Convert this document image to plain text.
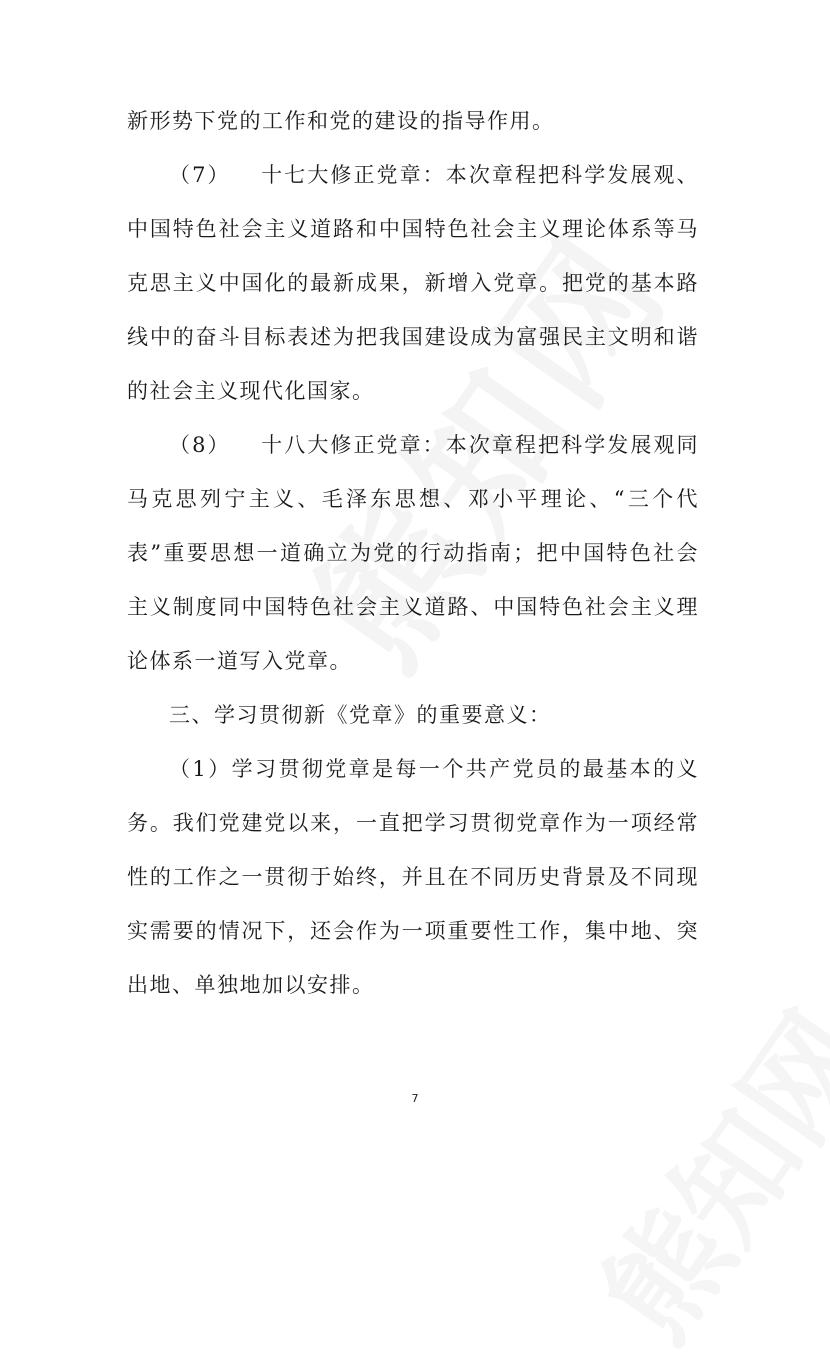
新形势下党的工作和党的建设的指导作用。

（7） 十七大修正党章：本次章程把科学发展观、中国特色社会主义道路和中国特色社会主义理论体系等马克思主义中国化的最新成果，新增入党章。把党的基本路线中的奋斗目标表述为把我国建设成为富强民主文明和谐的社会主义现代化国家。

（8） 十八大修正党章：本次章程把科学发展观同马克思列宁主义、毛泽东思想、邓小平理论、“三个代表”重要思想一道确立为党的行动指南；把中国特色社会主义制度同中国特色社会主义道路、中国特色社会主义理论体系一道写入党章。

三、学习贯彻新《党章》的重要意义：

（1）学习贯彻党章是每一个共产党员的最基本的义务。我们党建党以来，一直把学习贯彻党章作为一项经常性的工作之一贯彻于始终，并且在不同历史背景及不同现实需要的情况下，还会作为一项重要性工作，集中地、突出地、单独地加以安排。

7
